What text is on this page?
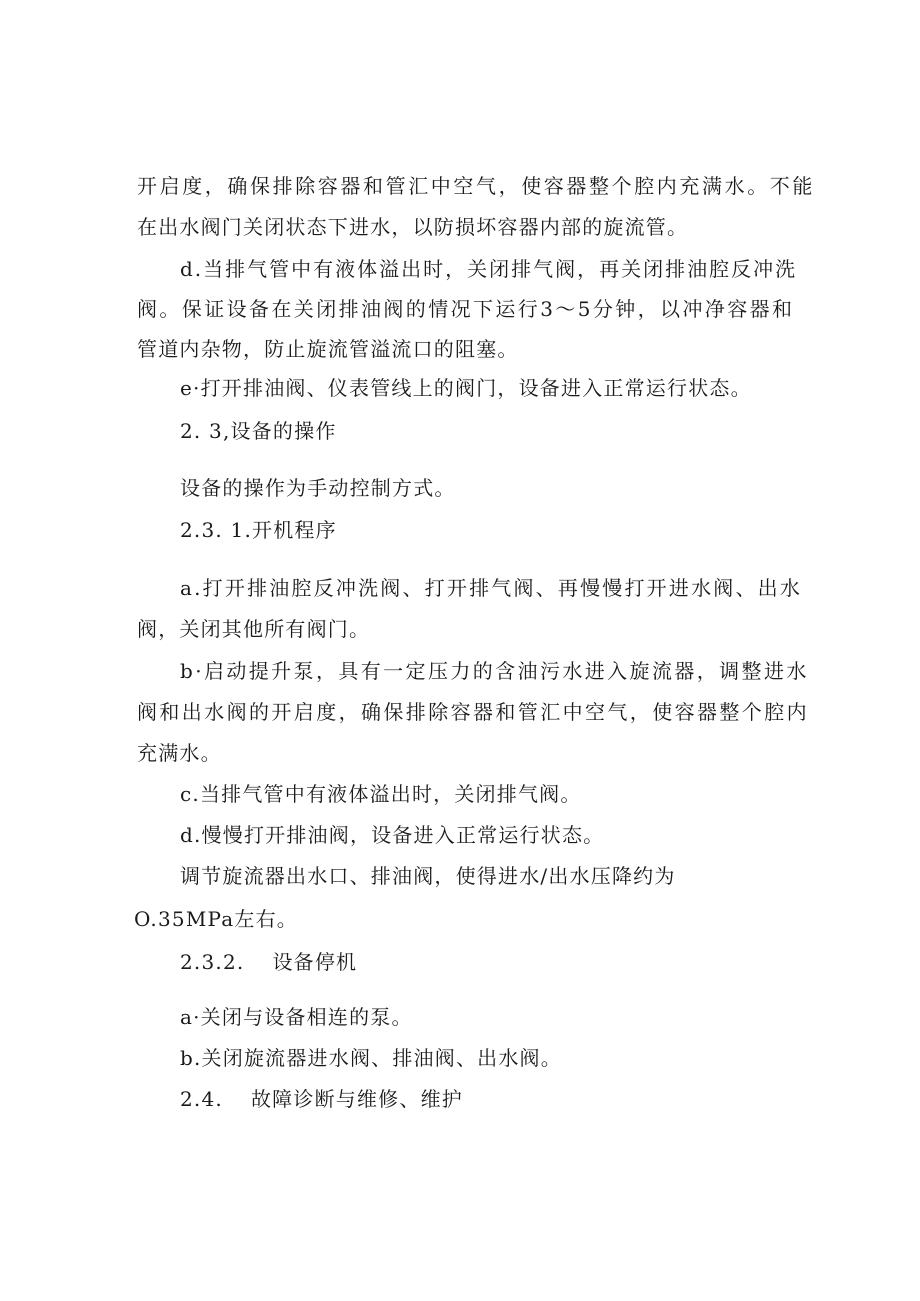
开启度，确保排除容器和管汇中空气，使容器整个腔内充满水。不能
在出水阀门关闭状态下进水，以防损坏容器内部的旋流管。
d.当排气管中有液体溢出时，关闭排气阀，再关闭排油腔反冲洗
阀。保证设备在关闭排油阀的情况下运行3～5分钟，以冲净容器和
管道内杂物，防止旋流管溢流口的阻塞。
e·打开排油阀、仪表管线上的阀门，设备进入正常运行状态。
2. 3,设备的操作
设备的操作为手动控制方式。
2.3. 1.开机程序
a.打开排油腔反冲洗阀、打开排气阀、再慢慢打开进水阀、出水
阀，关闭其他所有阀门。
b·启动提升泵，具有一定压力的含油污水进入旋流器，调整进水
阀和出水阀的开启度，确保排除容器和管汇中空气，使容器整个腔内
充满水。
c.当排气管中有液体溢出时，关闭排气阀。
d.慢慢打开排油阀，设备进入正常运行状态。
调节旋流器出水口、排油阀，使得进水/出水压降约为
O.35MPa左右。
2.3.2. 设备停机
a·关闭与设备相连的泵。
b.关闭旋流器进水阀、排油阀、出水阀。
2.4. 故障诊断与维修、维护
